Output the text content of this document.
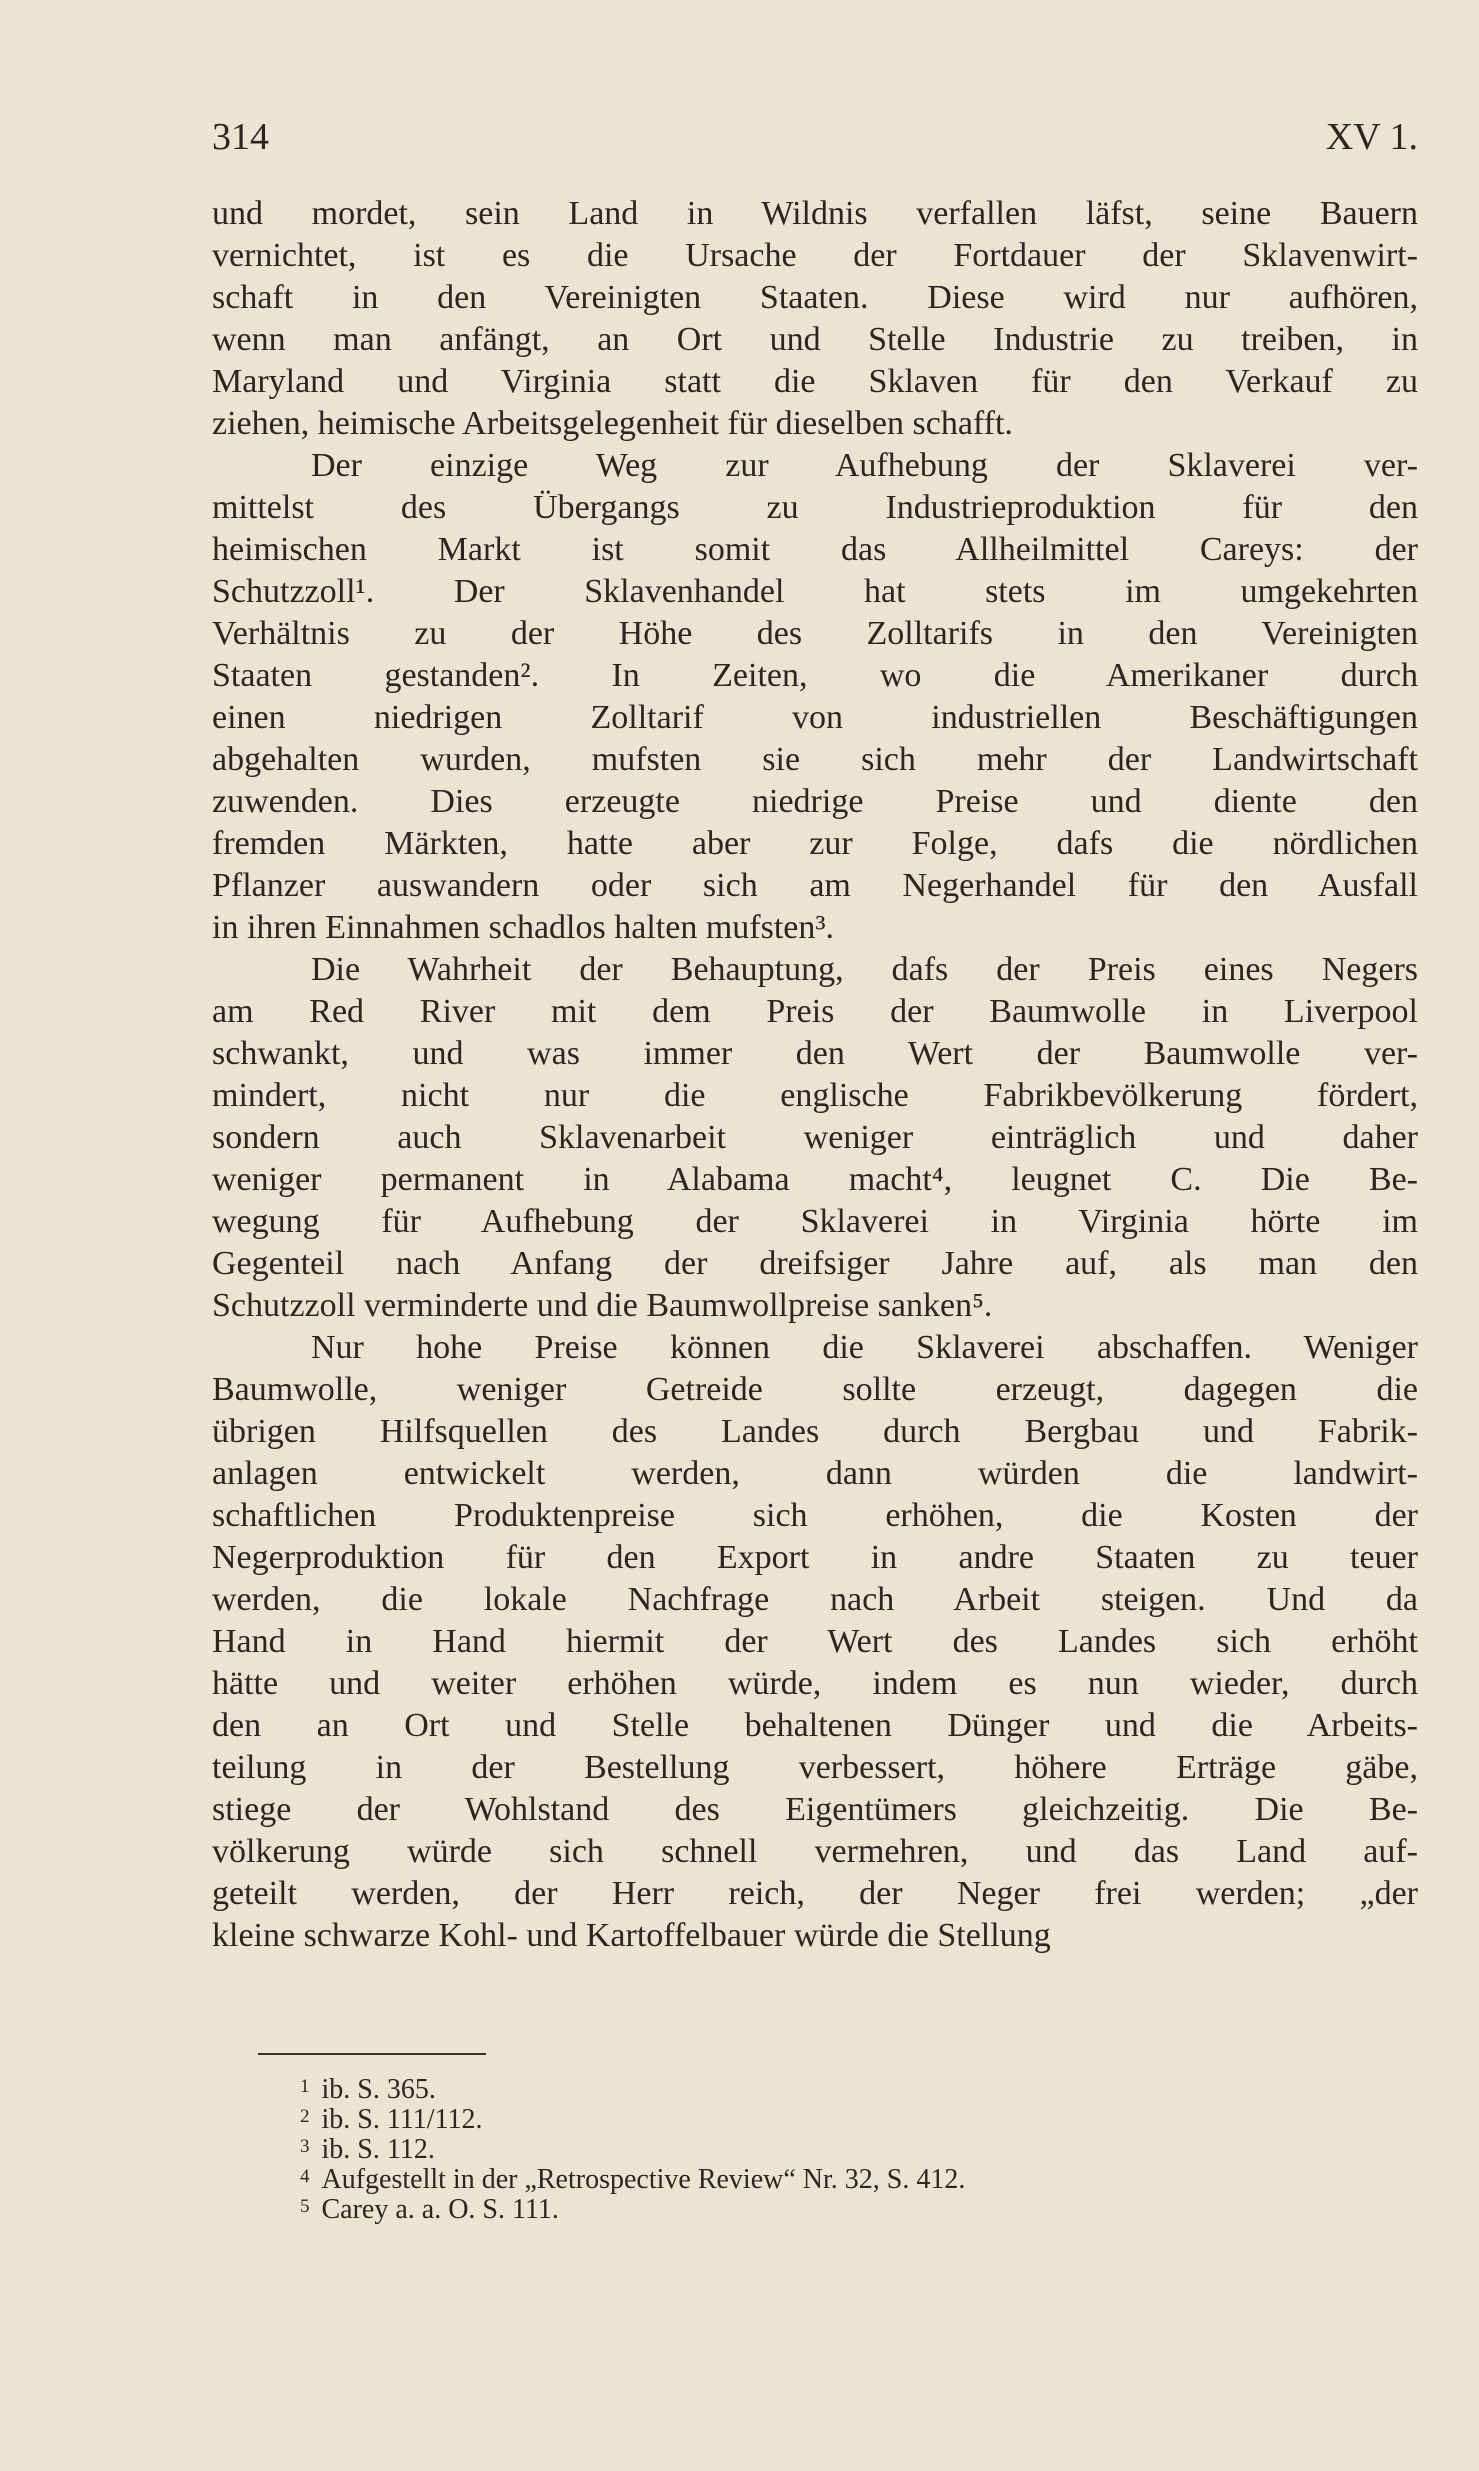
314	XV 1.
und mordet, sein Land in Wildnis verfallen läfst, seine Bauern
vernichtet, ist es die Ursache der Fortdauer der Sklavenwirt-
schaft in den Vereinigten Staaten. Diese wird nur aufhören,
wenn man anfängt, an Ort und Stelle Industrie zu treiben, in
Maryland und Virginia statt die Sklaven für den Verkauf zu
ziehen, heimische Arbeitsgelegenheit für dieselben schafft.
Der einzige Weg zur Aufhebung der Sklaverei ver-
mittelst des Übergangs zu Industrieproduktion für den
heimischen Markt ist somit das Allheilmittel Careys: der
Schutzzoll¹. Der Sklavenhandel hat stets im umgekehrten
Verhältnis zu der Höhe des Zolltarifs in den Vereinigten
Staaten gestanden². In Zeiten, wo die Amerikaner durch
einen niedrigen Zolltarif von industriellen Beschäftigungen
abgehalten wurden, mufsten sie sich mehr der Landwirtschaft
zuwenden. Dies erzeugte niedrige Preise und diente den
fremden Märkten, hatte aber zur Folge, dafs die nördlichen
Pflanzer auswandern oder sich am Negerhandel für den Ausfall
in ihren Einnahmen schadlos halten mufsten³.
Die Wahrheit der Behauptung, dafs der Preis eines Negers
am Red River mit dem Preis der Baumwolle in Liverpool
schwankt, und was immer den Wert der Baumwolle ver-
mindert, nicht nur die englische Fabrikbevölkerung fördert,
sondern auch Sklavenarbeit weniger einträglich und daher
weniger permanent in Alabama macht⁴, leugnet C. Die Be-
wegung für Aufhebung der Sklaverei in Virginia hörte im
Gegenteil nach Anfang der dreifsiger Jahre auf, als man den
Schutzzoll verminderte und die Baumwollpreise sanken⁵.
Nur hohe Preise können die Sklaverei abschaffen. Weniger
Baumwolle, weniger Getreide sollte erzeugt, dagegen die
übrigen Hilfsquellen des Landes durch Bergbau und Fabrik-
anlagen entwickelt werden, dann würden die landwirt-
schaftlichen Produktenpreise sich erhöhen, die Kosten der
Negerproduktion für den Export in andre Staaten zu teuer
werden, die lokale Nachfrage nach Arbeit steigen. Und da
Hand in Hand hiermit der Wert des Landes sich erhöht
hätte und weiter erhöhen würde, indem es nun wieder, durch
den an Ort und Stelle behaltenen Dünger und die Arbeits-
teilung in der Bestellung verbessert, höhere Erträge gäbe,
stiege der Wohlstand des Eigentümers gleichzeitig. Die Be-
völkerung würde sich schnell vermehren, und das Land auf-
geteilt werden, der Herr reich, der Neger frei werden; „der
kleine schwarze Kohl- und Kartoffelbauer würde die Stellung
$^1$ ib. S. 365.
$^2$ ib. S. 111/112.
$^3$ ib. S. 112.
$^4$ Aufgestellt in der „Retrospective Review“ Nr. 32, S. 412.
$^5$ Carey a. a. O. S. 111.
